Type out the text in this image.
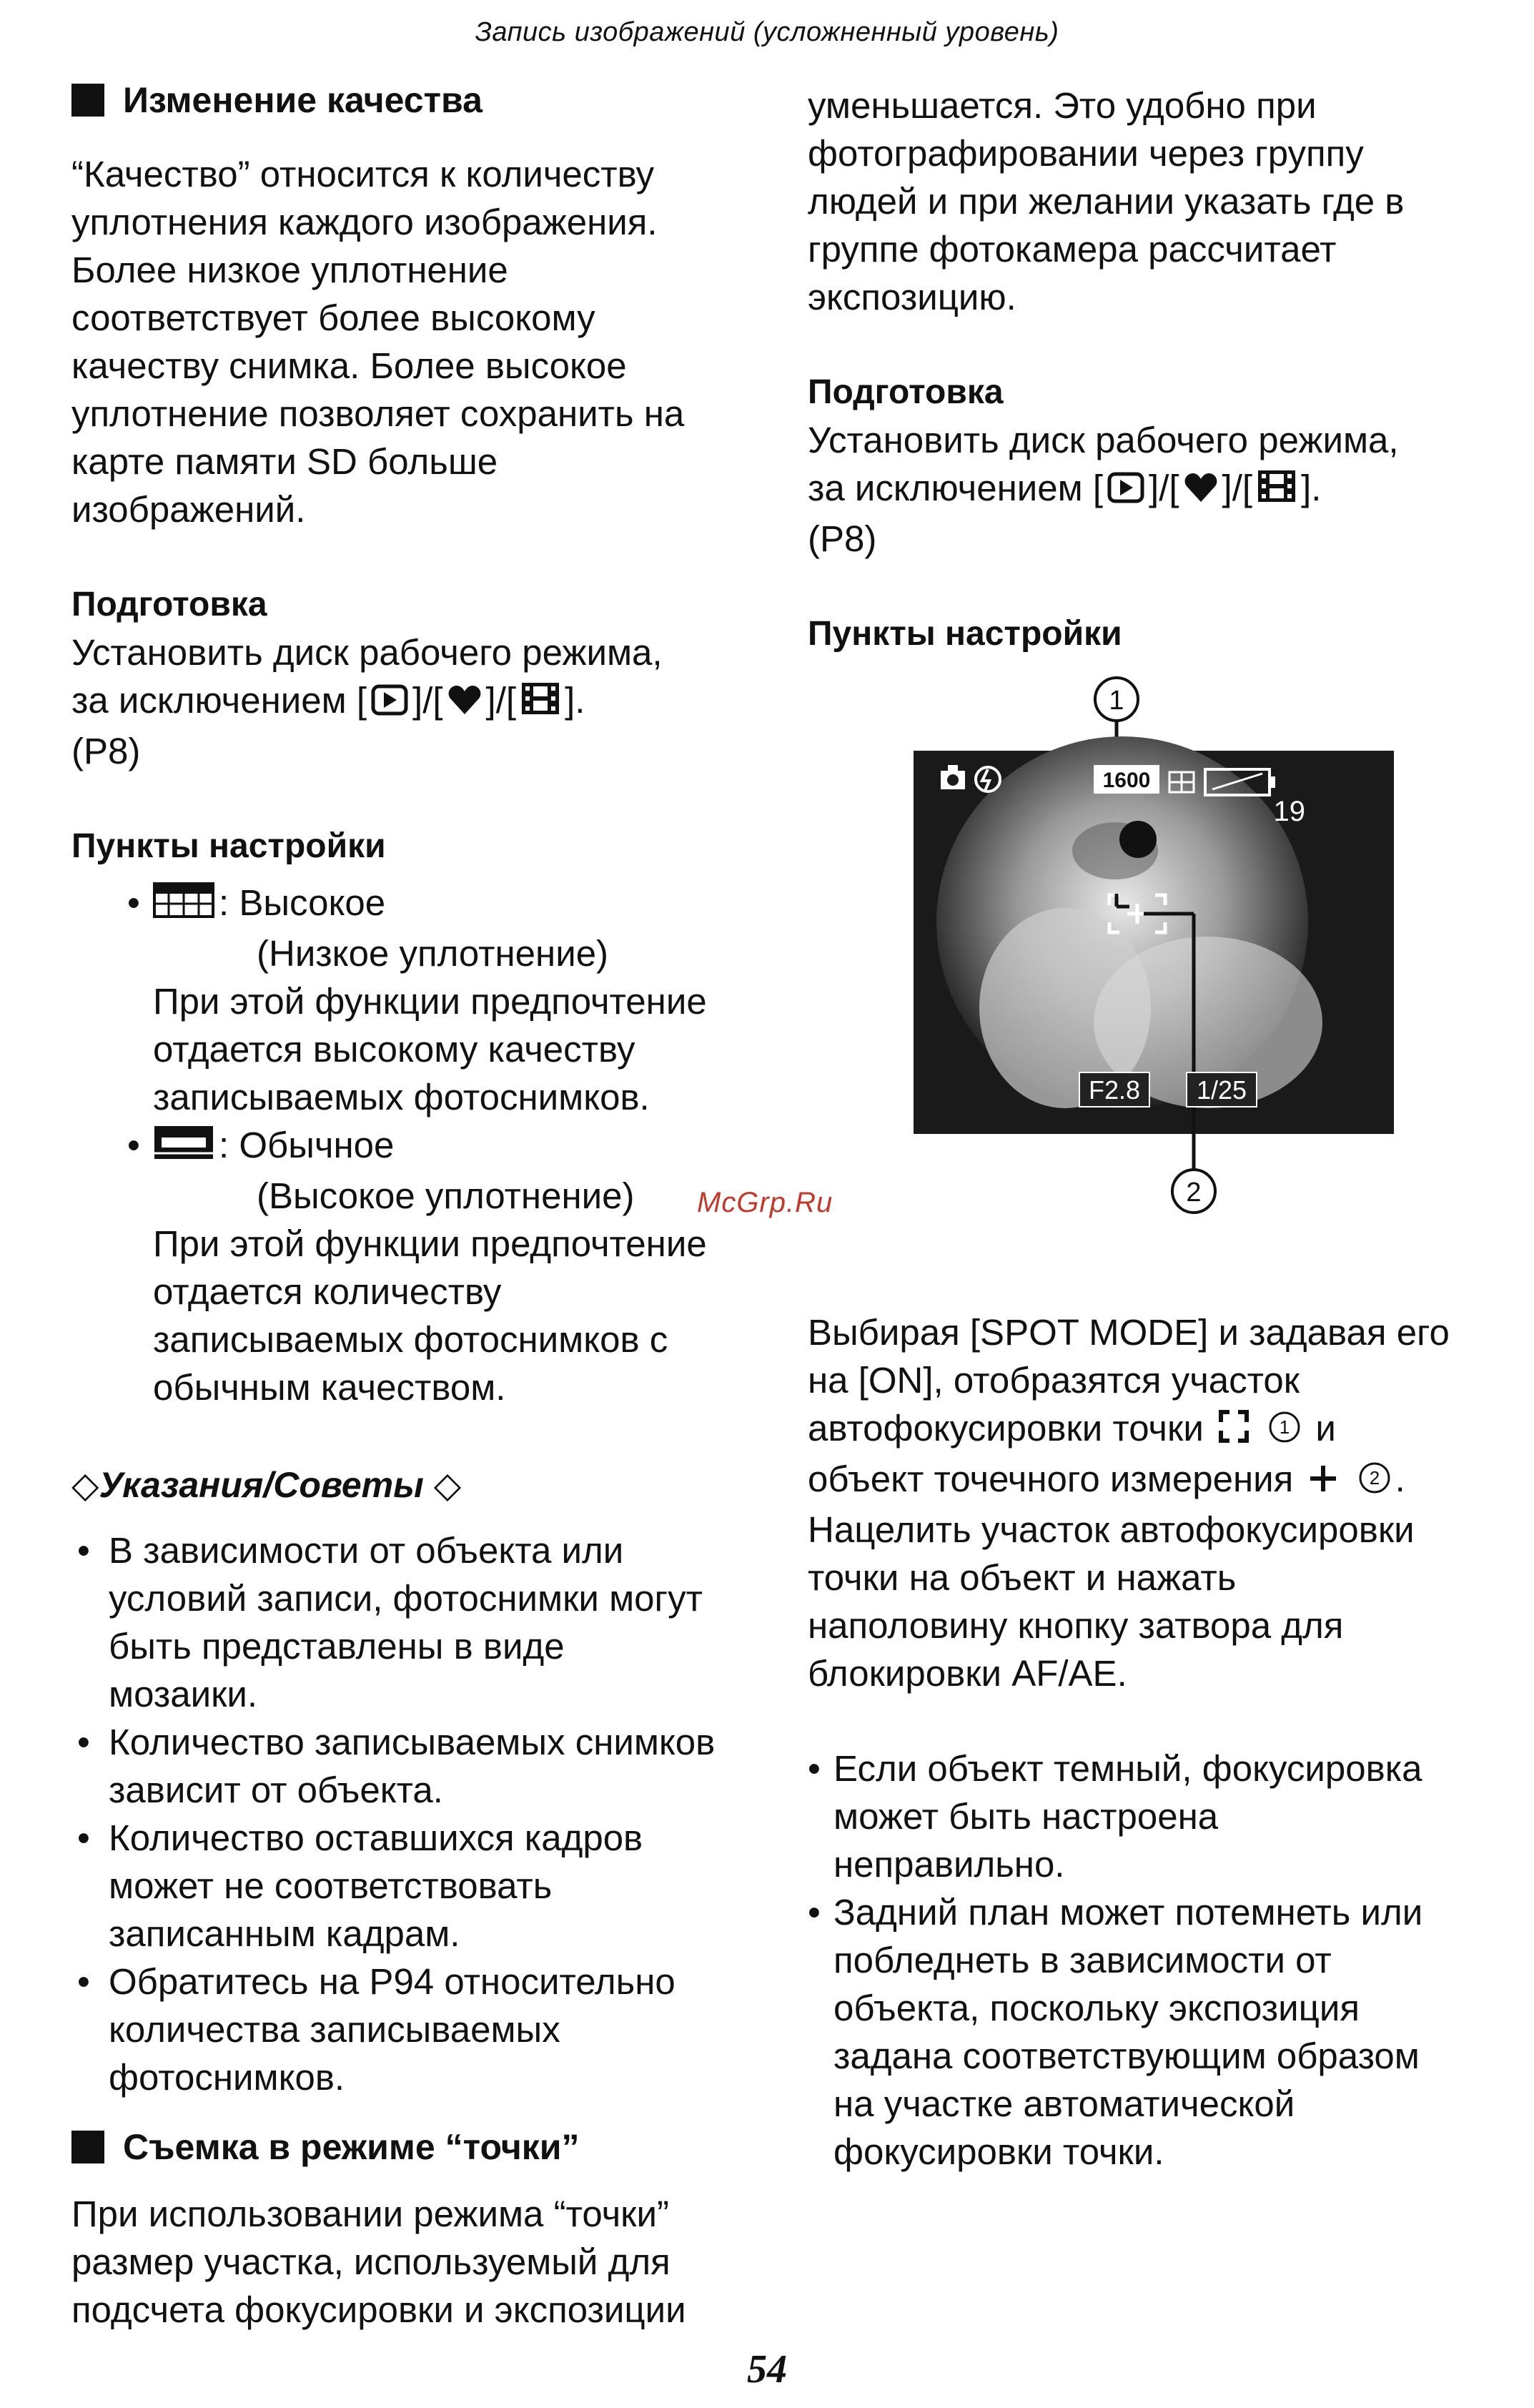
Запись изображений (усложненный уровень)
Изменение качества

“Качество” относится к количеству

уплотнения каждого изображения.

Более низкое уплотнение

соответствует более высокому

качеству снимка. Более высокое

уплотнение позволяет сохранить на

карте памяти SD больше

изображений.

Подготовка

Установить диск рабочего режима,

за исключением [ ]/[ ]/[ ].

(P8)

Пункты настройки

•	: Высокое
(Низкое уплотнение)
При этой функции предпочтение
отдается высокому качеству
записываемых фотоснимков.
•	: Обычное
(Высокое уплотнение)
При этой функции предпочтение
отдается количеству
записываемых фотоснимков с
обычным качеством.

◇Указания/Советы ◇

• В зависимости от объекта или
условий записи, фотоснимки могут
быть представлены в виде
мозаики.
• Количество записываемых снимков
зависит от объекта.
• Количество оставшихся кадров
может не соответствовать
записанным кадрам.
• Обратитесь на P94 относительно
количества записываемых
фотоснимков.
Съемка в режиме “точки”

При использовании режима “точки”

размер участка, используемый для

подсчета фокусировки и экспозиции

уменьшается. Это удобно при

фотографировании через группу

людей и при желании указать где в

группе фотокамера рассчитает

экспозицию.

Подготовка

Установить диск рабочего режима,

за исключением [ ]/[ ]/[ ].

(P8)

Пункты настройки

1
1600
19
F2.8 1/25
2

Выбирая [SPOT MODE] и задавая его

на [ON], отобразятся участок

автофокусировки точки	1 и

объект точечного измерения	2 .

Нацелить участок автофокусировки

точки на объект и нажать

наполовину кнопку затвора для

блокировки AF/AE.

• Если объект темный, фокусировка
может быть настроена
неправильно.
• Задний план может потемнеть или
побледнеть в зависимости от
объекта, поскольку экспозиция
задана соответствующим образом
на участке автоматической
фокусировки точки.
McGrp.Ru
54
